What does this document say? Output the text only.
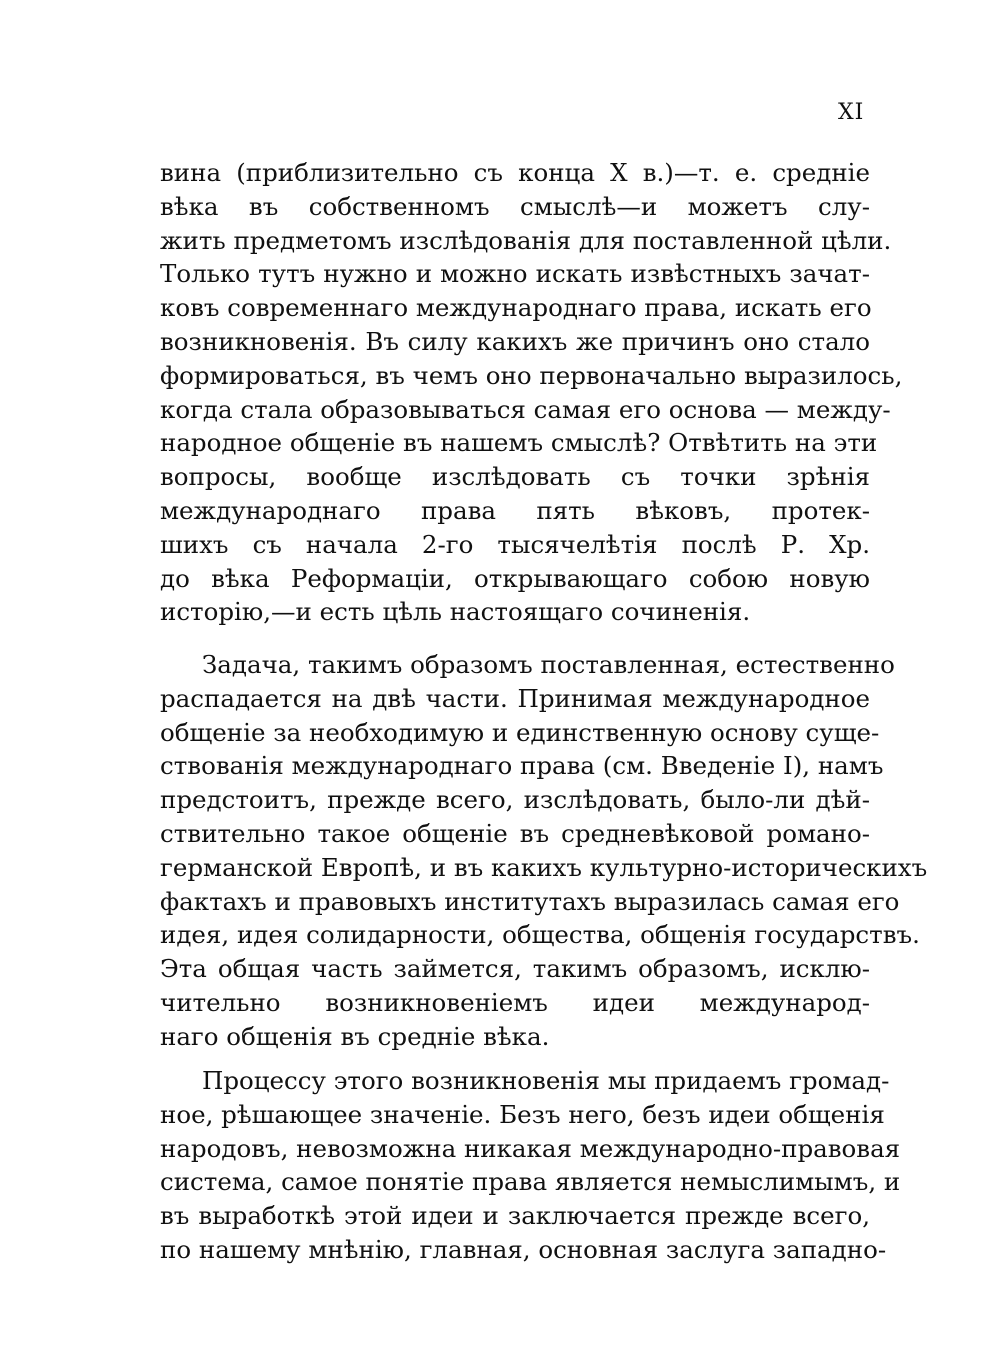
XI
вина (приблизительно съ конца X в.)—т. е. средніе
вѣка въ собственномъ смыслѣ—и можетъ слу-
жить предметомъ изслѣдованія для поставленной цѣли.
Только тутъ нужно и можно искать извѣстныхъ зачат-
ковъ современнаго международнаго права, искать его
возникновенія. Въ силу какихъ же причинъ оно стало
формироваться, въ чемъ оно первоначально выразилось,
когда стала образовываться самая его основа — между-
народное общеніе въ нашемъ смыслѣ? Отвѣтить на эти
вопросы, вообще изслѣдовать съ точки зрѣнія
международнаго права пять вѣковъ, протек-
шихъ съ начала 2-го тысячелѣтія послѣ Р. Хр.
до вѣка Реформаціи, открывающаго собою новую
исторію,—и есть цѣль настоящаго сочиненія.
Задача, такимъ образомъ поставленная, естественно
распадается на двѣ части. Принимая международное
общеніе за необходимую и единственную основу суще-
ствованія международнаго права (см. Введеніе I), намъ
предстоитъ, прежде всего, изслѣдовать, было-ли дѣй-
ствительно такое общеніе въ средневѣковой романо-
германской Европѣ, и въ какихъ культурно-историческихъ
фактахъ и правовыхъ институтахъ выразилась самая его
идея, идея солидарности, общества, общенія государствъ.
Эта общая часть займется, такимъ образомъ, исклю-
чительно возникновеніемъ идеи международ-
наго общенія въ средніе вѣка.
Процессу этого возникновенія мы придаемъ громад-
ное, рѣшающее значеніе. Безъ него, безъ идеи общенія
народовъ, невозможна никакая международно-правовая
система, самое понятіе права является немыслимымъ, и
въ выработкѣ этой идеи и заключается прежде всего,
по нашему мнѣнію, главная, основная заслуга западно-
